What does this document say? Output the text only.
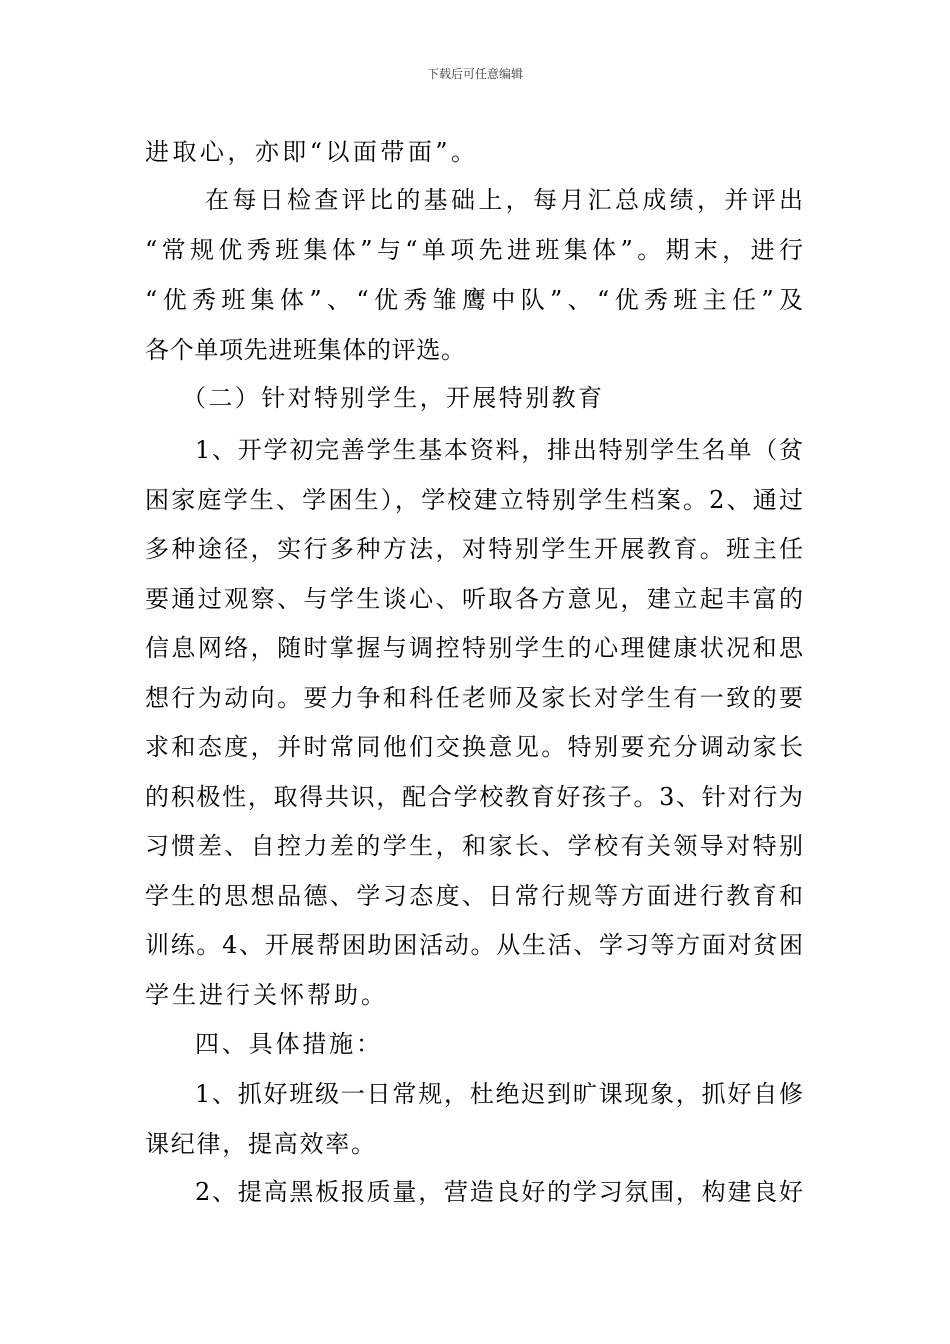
下载后可任意编辑
进取心，亦即“以面带面”。
在每日检查评比的基础上，每月汇总成绩，并评出
“常规优秀班集体”与“单项先进班集体”。期末，进行
“优秀班集体”、“优秀雏鹰中队”、“优秀班主任”及
各个单项先进班集体的评选。
（二）针对特别学生，开展特别教育
1、开学初完善学生基本资料，排出特别学生名单（贫
困家庭学生、学困生），学校建立特别学生档案。2、通过
多种途径，实行多种方法，对特别学生开展教育。班主任
要通过观察、与学生谈心、听取各方意见，建立起丰富的
信息网络，随时掌握与调控特别学生的心理健康状况和思
想行为动向。要力争和科任老师及家长对学生有一致的要
求和态度，并时常同他们交换意见。特别要充分调动家长
的积极性，取得共识，配合学校教育好孩子。3、针对行为
习惯差、自控力差的学生，和家长、学校有关领导对特别
学生的思想品德、学习态度、日常行规等方面进行教育和
训练。4、开展帮困助困活动。从生活、学习等方面对贫困
学生进行关怀帮助。
四、具体措施：
1、抓好班级一日常规，杜绝迟到旷课现象，抓好自修
课纪律，提高效率。
2、提高黑板报质量，营造良好的学习氛围，构建良好
